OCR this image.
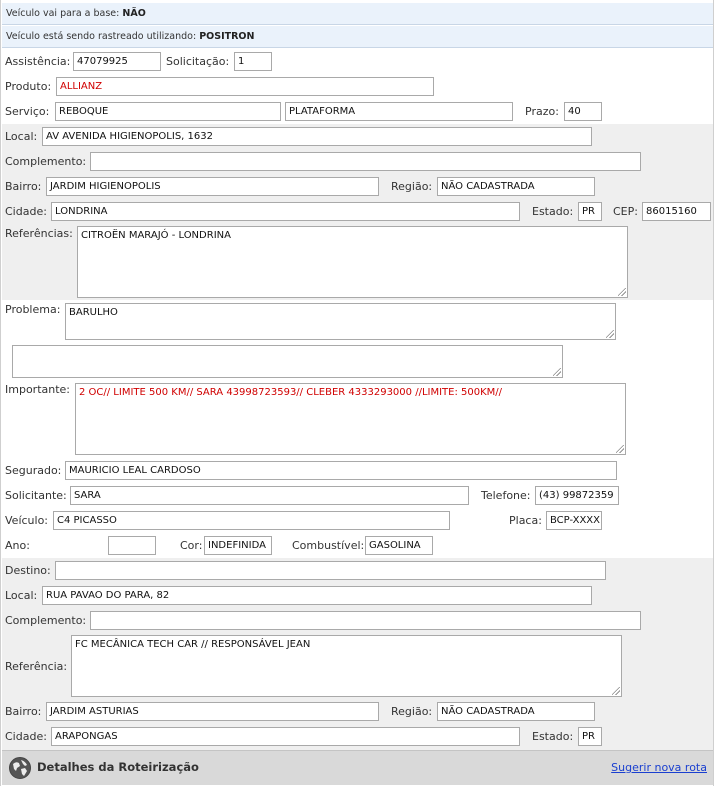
Veículo vai para a base: NÃO
Veículo está sendo rastreado utilizando: POSITRON
Assistência: 47079925	Solicitação: 1
Produto: ALLIANZ
Serviço: REBOQUE	PLATAFORMA	Prazo: 40
Local: AV AVENIDA HIGIENOPOLIS, 1632
Complemento:
Bairro: JARDIM HIGIENOPOLIS	Região: NÃO CADASTRADA
Cidade: LONDRINA	Estado: PR	CEP: 86015160
Referências: CITROËN MARAJÓ - LONDRINA
Problema: BARULHO
Importante: 2 OC// LIMITE 500 KM// SARA 43998723593// CLEBER 4333293000 //LIMITE: 500KM//
Segurado: MAURICIO LEAL CARDOSO
Solicitante: SARA	Telefone: (43) 99872359
Veículo: C4 PICASSO	Placa: BCP-XXXX
Ano:	Cor: INDEFINIDA	Combustível: GASOLINA
Destino:
Local: RUA PAVAO DO PARA, 82
Complemento:
Referência:
FC MECÂNICA TECH CAR // RESPONSÁVEL JEAN
Bairro: JARDIM ASTURIAS	Região: NÃO CADASTRADA
Cidade: ARAPONGAS	Estado: PR
Detalhes da Roteirização	Sugerir nova rota
